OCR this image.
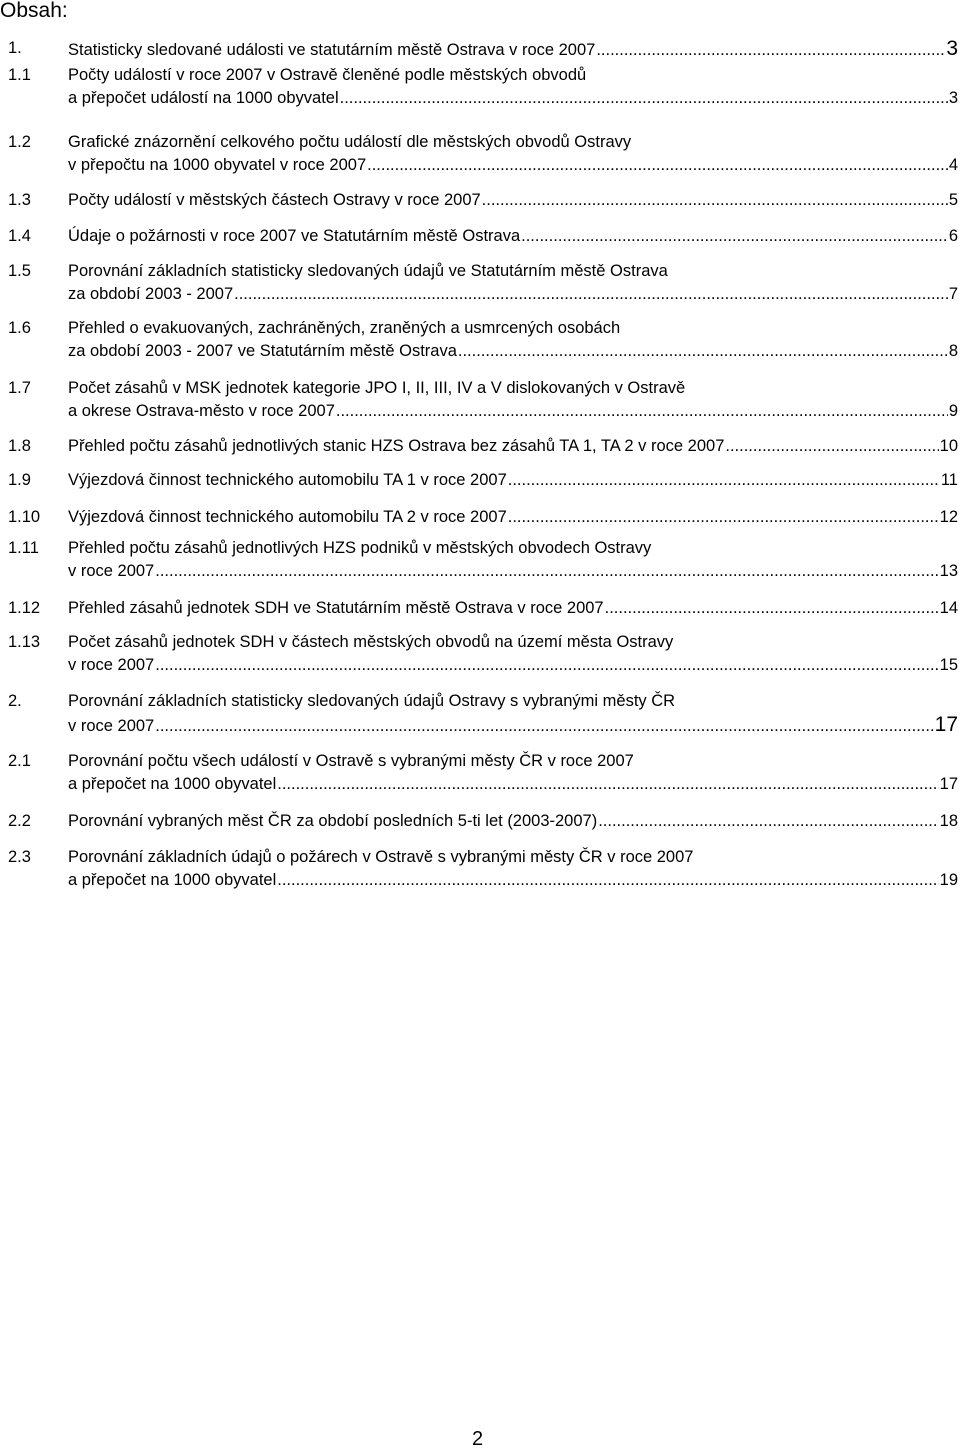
Obsah:
1.	Statisticky sledované události ve statutárním městě Ostrava v roce 2007 .....	3
1.1 Počty událostí v roce 2007 v Ostravě členěné podle městských obvodů
a přepočet událostí na 1000 obyvatel .....	3
1.2 Grafické znázornění celkového počtu událostí dle městských obvodů Ostravy
v přepočtu na 1000 obyvatel v roce 2007 .....	4
1.3 Počty událostí v městských částech Ostravy v roce 2007 .....	5
1.4 Údaje o požárnosti v roce 2007 ve Statutárním městě Ostrava .....	6
1.5 Porovnání základních statisticky sledovaných údajů ve Statutárním městě Ostrava
za období 2003 - 2007 .....	7
1.6 Přehled o evakuovaných, zachráněných, zraněných a usmrcených osobách
za období 2003 - 2007 ve Statutárním městě Ostrava .....	8
1.7 Počet zásahů v MSK jednotek kategorie JPO I, II, III, IV a V dislokovaných v Ostravě
a okrese Ostrava-město v roce 2007 .....	9
1.8 Přehled počtu zásahů jednotlivých stanic HZS Ostrava bez zásahů TA 1, TA 2 v roce 2007 .....	10
1.9 Výjezdová činnost technického automobilu TA 1 v roce 2007 .....	11
1.10 Výjezdová činnost technického automobilu TA 2 v roce 2007 .....	12
1.11 Přehled počtu zásahů jednotlivých HZS podniků v městských obvodech Ostravy
v roce 2007 .....	13
1.12 Přehled zásahů jednotek SDH ve Statutárním městě Ostrava v roce 2007 .....	14
1.13 Počet zásahů jednotek SDH v částech městských obvodů na území města Ostravy
v roce 2007 .....	15
2.	Porovnání základních statisticky sledovaných údajů Ostravy s vybranými městy ČR
v roce 2007 .....	17
2.1 Porovnání počtu všech událostí v Ostravě s vybranými městy ČR v roce 2007
a přepočet na 1000 obyvatel .....	17
2.2 Porovnání vybraných měst ČR za období posledních 5-ti let (2003-2007) .....	18
2.3 Porovnání základních údajů o požárech v Ostravě s vybranými městy ČR v roce 2007
a přepočet na 1000 obyvatel .....	19
2
